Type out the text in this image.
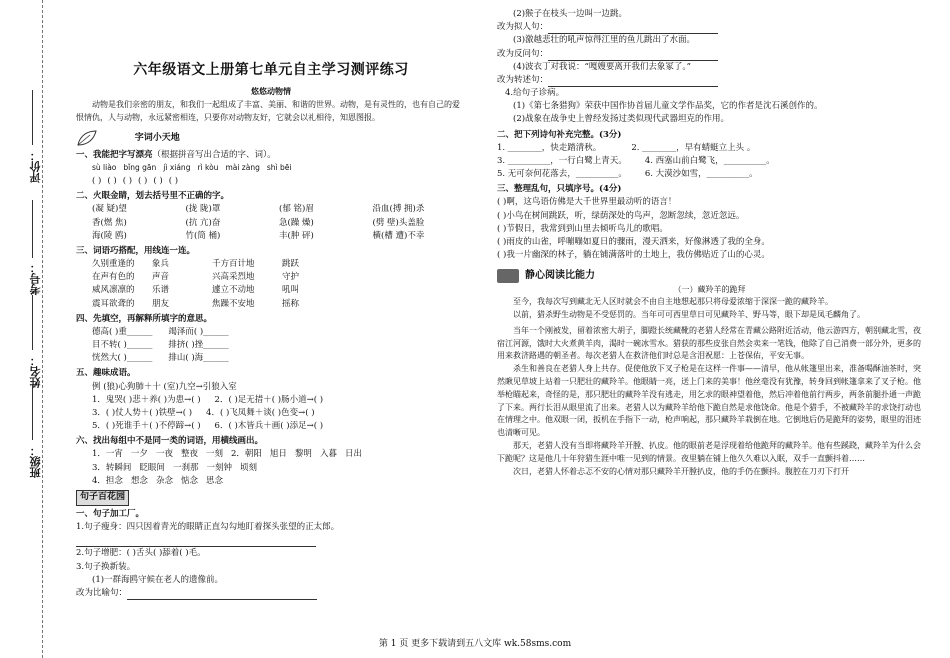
评价：
考号：
姓名：
班级：
六年级语文上册第七单元自主学习测评练习
悠悠动物情
动物是我们亲密的朋友，和我们一起组成了丰富、美丽、和谐的世界。动物，是有灵性的，也有自己的爱恨情仇，人与动物，永远紧密相连，只要你对动物友好，它就会以礼相待，知恩图报。
字词小天地
一、我能把字写漂亮（根据拼音写出合适的字、词）。
sù liào bǐng gān jì xiáng rì kòu mài zàng shì bēi
( ) ( ) ( ) ( ) ( ) ( )
二、火眼金睛，划去括号里不正确的字。
(凝 疑)望	(拢 陇)罩	(郁 铭)眉	沿血(搏 拥)杀
香(燃 焦)	(抗 亢)奋	急(躁 燥)	(劈 壁)头盖脸
海(陵 鸥)	竹(筒 桶)	丰(肿 砰)	横(槽 遭)不幸
三、词语巧搭配，用线连一连。
久别重逢的	象兵	千方百计地	跳跃
在声有色的	声音	兴高采烈地	守护
威风凛凛的	乐谱	遽立不动地	吼叫
震耳欲聋的	朋友	焦躁不安地	摇称
四、先填空，再解释所填字的意思。
德高( )重______ 竭泽而( )______
目不转( )______ 排挤( )挫______
恍然大( )______ 排山( )海______
五、趣味成语。
例 (狼)心狗肺＋十 (室)九空→引狼入室
1．鬼哭( )悲＋养( )为患→( ) 2．( )足无措＋( )肠小道→( )
3．( )仗人势＋( )铁壁→( ) 4．( )飞凤舞＋谈( )色变→( )
5．( )死谁手＋( )不停蹄→( ) 6．( )木皆兵＋画( )添足→( )
六、找出每组中不是同一类的词语，用横线画出。
1．一宵 一夕 一夜 整夜 一刻 2．朝阳 旭日 黎明 入暮 日出
3．转瞬间 眨眼间 一刹那 一刻钟 顷刻
4．担念 想念 杂念 惦念 思念
句子百花园
一、句子加工厂。
1.句子瘦身：四只因着青光的眼睛正直勾勾地盯着探头张望的正太郎。
2.句子增肥：( )舌头( )舔着( )毛。
3.句子换新装。
(1)一群海鸥守候在老人的遗像前。
改为比喻句：
(2)猴子在枝头一边叫一边跳。
改为拟人句：
(3)激越悲壮的吼声惊得江里的鱼儿跳出了水面。
改为反问句：
(4)波衣丁对我说：“嘎嫂要离开我们去象冢了。”
改为转述句：
4.给句子诊病。
(1)《第七条猎狗》荣获中国作协首届儿童文学作品奖，它的作者是沈石溪创作的。
(2)战象在战争史上曾经发扬过类似现代武器坦克的作用。
二、把下列诗句补充完整。(3分)
1. ________，快走踏清秋。	2. ________，早有蜻蜓立上头 。
3. __________，一行白鹭上青天。 4. 西塞山前白鹭飞，__________。
5. 无可奈何花落去，__________。 6. 大漠沙如雪，__________。
三、整理乱句，只填序号。(4分)
( )啊，这鸟语仿佛是大千世界里最动听的语言！
( )小鸟在树间跳跃，听，绿荫深处的鸟声，忽断忽续，忽近忽远。
( )节假日，我常到到山里去倾听鸟儿的歌唱。
( )雨皮的山雀，呼嘣嘣如夏日的骤雨，漫天洒来，好像淋透了我的全身。
( )我一片幽深的林子，躺在铺满落叶的土地上，我仿佛贴近了山的心灵。
静心阅读比能力
（一）藏羚羊的跪拜
至今，我每次写到藏北无人区时就会不由自主地想起那只将母爱浓缩于深深一跪的藏羚羊。
以前，猎杀野生动物是不受惩罚的。当年可可西里草日可见藏羚羊、野马等，眼下却是凤毛麟角了。
当年一个刚被发，留着浓密大胡子，脚蹬长统藏靴的老猎人经常在青藏公路附近活动，他云游四方，朝别藏北雪，夜宿江河源，饿时大火煮黄羊肉，渴时一碗冰雪水。猎获的那些皮张自然会卖来一笔钱，他除了自己消费一部分外，更多的用来救济路遇的朝圣者。每次老猎人在救济他们时总是含泪祝愿：上苍保佑，平安无事。
杀生和善良在老猎人身上共存。促使他放下叉子枪是在这样一件事——清早，他从帐篷里出来，准备喝酥油茶时，突然瞅见草坡上站着一只肥壮的藏羚羊。他眼睛一亮，送上门来的美事！他丝毫没有犹豫，转身回到帐篷拿来了叉子枪。他举枪瞄起来，奇怪的是，那只肥壮的藏羚羊没有逃走，用乞求的眼神望着他，然后冲着他前行两步，两条前腿扑通一声跪了下来。两行长泪从眼里流了出来。老猎人以为藏羚羊给他下跪自然是求他饶命。他是个猎手，不被藏羚羊的求饶打动也在情理之中。他双眼一闭，扳机在手指下一动，枪声响起，那只藏羚羊栽倒在地。它倒地后仍是跪拜的姿势，眼里的泪迹也清晰可见。
那天，老猎人没有当即将藏羚羊开膛、扒皮。他的眼前老是浮现着给他跪拜的藏羚羊。他有些蹊跷，藏羚羊为什么会下跪呢？这是他几十年狩猎生涯中唯一见到的情景。夜里躺在铺上他久久难以入眠，双手一直颤抖着……
次日，老猎人怀着忐忑不安的心情对那只藏羚羊开膛扒皮，他的手仍在颤抖。腹腔在刀刃下打开
第 1 页 更多下载请到五八文库 wk.58sms.com
